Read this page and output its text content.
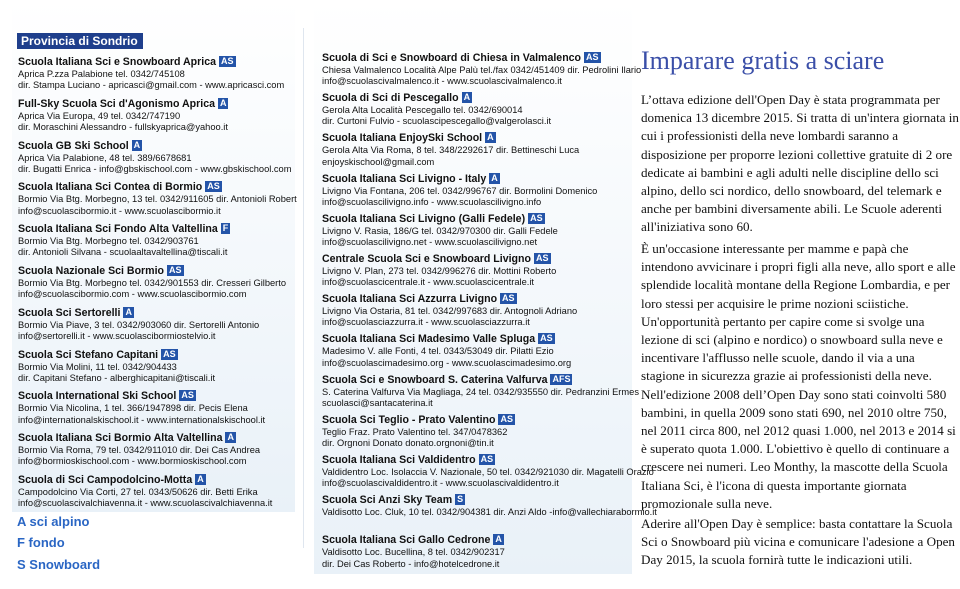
Provincia di Sondrio
Scuola Italiana Sci e Snowboard Aprica AS
Aprica P.zza Palabione tel. 0342/745108
dir. Stampa Luciano - apricasci@gmail.com - www.apricasci.com
Full-Sky Scuola Sci d'Agonismo Aprica A
Aprica Via Europa, 49 tel. 0342/747190
dir. Moraschini Alessandro - fullskyaprica@yahoo.it
Scuola GB Ski School A
Aprica Via Palabione, 48 tel. 389/6678681
dir. Bugatti Enrica - info@gbskischool.com - www.gbskischool.com
Scuola Italiana Sci Contea di Bormio AS
Bormio Via Btg. Morbegno, 13 tel. 0342/911605 dir. Antonioli Robert
info@scuolascibormio.it - www.scuolascibormio.it
Scuola Italiana Sci Fondo Alta Valtellina F
Bormio Via Btg. Morbegno tel. 0342/903761
dir. Antonioli Silvana - scuolaaltavaltellina@tiscali.it
Scuola Nazionale Sci Bormio AS
Bormio Via Btg. Morbegno tel. 0342/901553 dir. Cresseri Gilberto
info@scuolascibormio.com - www.scuolascibormio.com
Scuola Sci Sertorelli A
Bormio Via Piave, 3 tel. 0342/903060 dir. Sertorelli Antonio
info@sertorelli.it - www.scuolascibormiostelvio.it
Scuola Sci Stefano Capitani AS
Bormio Via Molini, 11 tel. 0342/904433
dir. Capitani Stefano - alberghicapitani@tiscali.it
Scuola International Ski School AS
Bormio Via Nicolina, 1 tel. 366/1947898 dir. Pecis Elena
info@internationalskischool.it - www.internationalskischool.it
Scuola Italiana Sci Bormio Alta Valtellina A
Bormio Via Roma, 79 tel. 0342/911010 dir. Dei Cas Andrea
info@bormioskischool.com - www.bormioskischool.com
Scuola di Sci Campodolcino-Motta A
Campodolcino Via Corti, 27 tel. 0343/50626 dir. Betti Erika
info@scuolascivalchiavenna.it - www.scuolascivalchiavenna.it
Scuola di Sci e Snowboard di Chiesa in Valmalenco AS
Chiesa Valmalenco Località Alpe Palù tel./fax 0342/451409 dir. Pedrolini Ilario
info@scuolascivalmalenco.it - www.scuolascivalmalenco.it
Scuola di Sci di Pescegallo A
Gerola Alta Località Pescegallo tel. 0342/690014
dir. Curtoni Fulvio - scuolascipescegallo@valgerolasci.it
Scuola Italiana EnjoySki School A
Gerola Alta Via Roma, 8 tel. 348/2292617 dir. Bettineschi Luca
enjoyskischool@gmail.com
Scuola Italiana Sci Livigno - Italy A
Livigno Via Fontana, 206 tel. 0342/996767 dir. Bormolini Domenico
info@scuolascilivigno.info - www.scuolascilivigno.info
Scuola Italiana Sci Livigno (Galli Fedele) AS
Livigno V. Rasia, 186/G tel. 0342/970300 dir. Galli Fedele
info@scuolascilivigno.net - www.scuolascilivigno.net
Centrale Scuola Sci e Snowboard Livigno AS
Livigno V. Plan, 273 tel. 0342/996276 dir. Mottini Roberto
info@scuolascicentrale.it - www.scuolascicentrale.it
Scuola Italiana Sci Azzurra Livigno AS
Livigno Via Ostaria, 81 tel. 0342/997683 dir. Antognoli Adriano
info@scuolasciazzurra.it - www.scuolasciazzurra.it
Scuola Italiana Sci Madesimo Valle Spluga AS
Madesimo V. alle Fonti, 4 tel. 0343/53049 dir. Pilatti Ezio
info@scuolascimadesimo.org - www.scuolascimadesimo.org
Scuola Sci e Snowboard S. Caterina Valfurva AFS
S. Caterina Valfurva Via Magliaga, 24 tel. 0342/935550 dir. Pedranzini Ermes
scuolasci@santacaterina.it
Scuola Sci Teglio - Prato Valentino AS
Teglio Fraz. Prato Valentino tel. 347/0478362
dir. Orgnoni Donato donato.orgnoni@tin.it
Scuola Italiana Sci Valdidentro AS
Valdidentro Loc. Isolaccia V. Nazionale, 50 tel. 0342/921030 dir. Magatelli Orazio
info@scuolascivaldidentro.it - www.scuolascivaldidentro.it
Scuola Sci Anzi Sky Team S
Valdisotto Loc. Cluk, 10 tel. 0342/904381 dir. Anzi Aldo -info@vallechiarabormio.it
Scuola Italiana Sci Gallo Cedrone A
Valdisotto Loc. Bucellina, 8 tel. 0342/902317
dir. Dei Cas Roberto - info@hotelcedrone.it
A sci alpino
F fondo
S Snowboard
Imparare gratis a sciare
L’ottava edizione dell'Open Day è stata programmata per domenica 13 dicembre 2015. Si tratta di un'intera giornata in cui i professionisti della neve lombardi saranno a disposizione per proporre lezioni collettive gratuite di 2 ore dedicate ai bambini e agli adulti nelle discipline dello sci alpino, dello sci nordico, dello snowboard, del telemark e anche per bambini diversamente abili. Le Scuole aderenti all'iniziativa sono 60.
È un'occasione interessante per mamme e papà che intendono avvicinare i propri figli alla neve, allo sport e alle splendide località montane della Regione Lombardia, e per loro stessi per acquisire le prime nozioni sciistiche. Un'opportunità pertanto per capire come si svolge una lezione di sci (alpino e nordico) o snowboard sulla neve e incentivare l'afflusso nelle scuole, dando il via a una stagione in sicurezza grazie ai professionisti della neve. Nell'edizione 2008 dell’Open Day sono stati coinvolti 580 bambini, in quella 2009 sono stati 690, nel 2010 oltre 750, nel 2011 circa 800, nel 2012 quasi 1.000, nel 2013 e 2014 si è superato quota 1.000. L'obiettivo è quello di continuare a crescere nei numeri. Leo Monthy, la mascotte della Scuola Italiana Sci, è l'icona di questa importante giornata promozionale sulla neve.
Aderire all'Open Day è semplice: basta contattare la Scuola Sci o Snowboard più vicina e comunicare l'adesione a Open Day 2015, la scuola fornirà tutte le indicazioni utili.
